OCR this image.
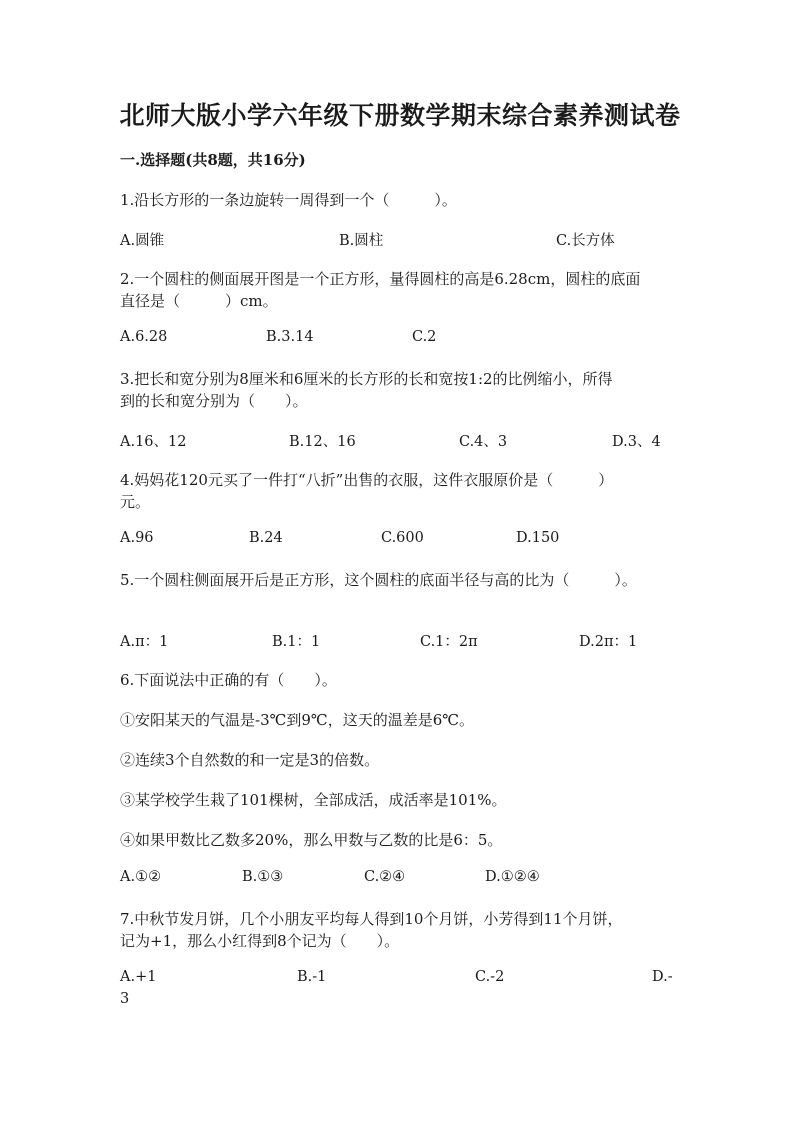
北师大版小学六年级下册数学期末综合素养测试卷
一.选择题(共8题，共16分)
1.沿长方形的一条边旋转一周得到一个（　　　）。
A.圆锥	B.圆柱	C.长方体
2.一个圆柱的侧面展开图是一个正方形，量得圆柱的高是6.28cm，圆柱的底面
直径是（　　　）cm。
A.6.28	B.3.14	C.2
3.把长和宽分别为8厘米和6厘米的长方形的长和宽按1:2的比例缩小，所得
到的长和宽分别为（　　）。
A.16、12	B.12、16	C.4、3	D.3、4
4.妈妈花120元买了一件打“八折”出售的衣服，这件衣服原价是（　　　）
元。
A.96	B.24	C.600	D.150
5.一个圆柱侧面展开后是正方形，这个圆柱的底面半径与高的比为（　　　）。
A.π：1	B.1：1	C.1：2π	D.2π：1
6.下面说法中正确的有（　　）。
①安阳某天的气温是-3℃到9℃，这天的温差是6℃。
②连续3个自然数的和一定是3的倍数。
③某学校学生栽了101棵树，全部成活，成活率是101%。
④如果甲数比乙数多20%，那么甲数与乙数的比是6：5。
A.①②	B.①③	C.②④	D.①②④
7.中秋节发月饼，几个小朋友平均每人得到10个月饼，小芳得到11个月饼，
记为+1，那么小红得到8个记为（　　）。
A.+1	B.-1	C.-2	D.-
3
